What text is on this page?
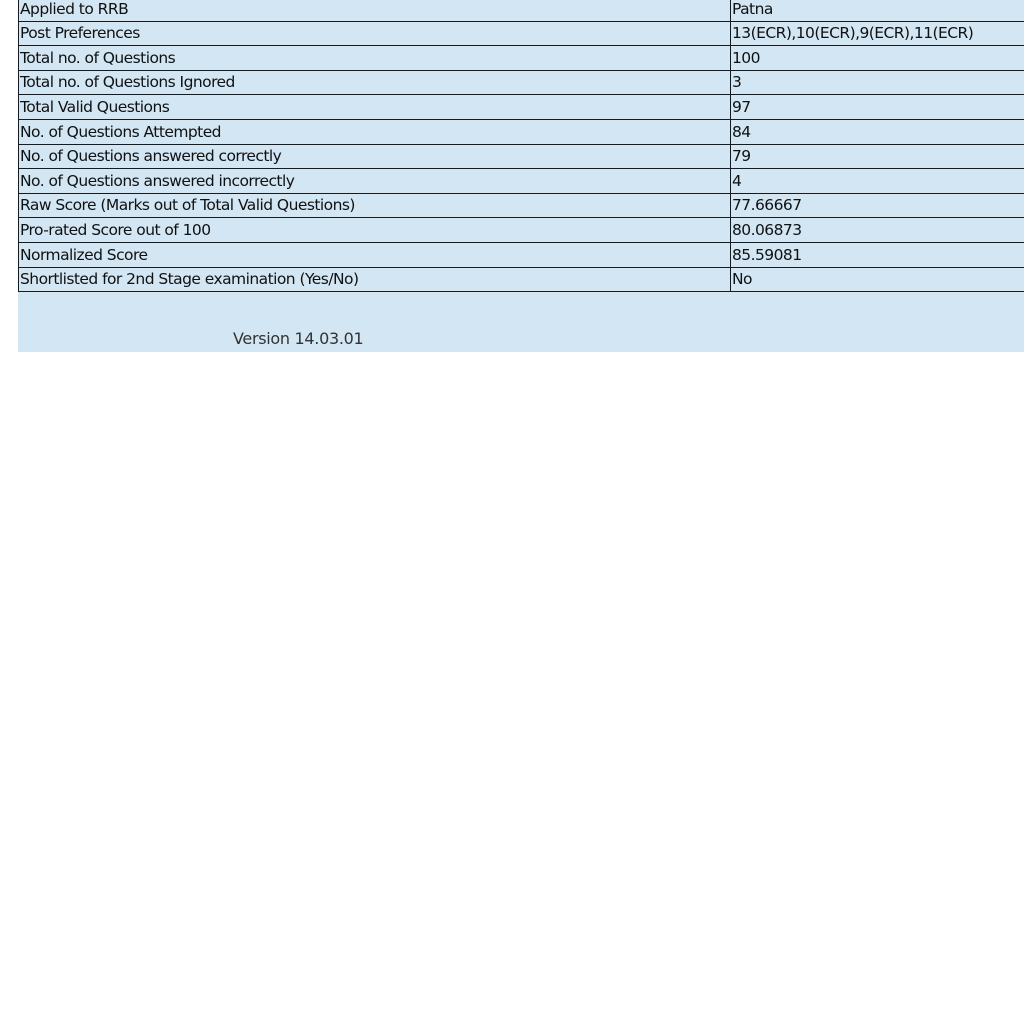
Applied to RRB	Patna
Post Preferences	13(ECR),10(ECR),9(ECR),11(ECR)
Total no. of Questions	100
Total no. of Questions Ignored	3
Total Valid Questions	97
No. of Questions Attempted	84
No. of Questions answered correctly	79
No. of Questions answered incorrectly	4
Raw Score (Marks out of Total Valid Questions)	77.66667
Pro-rated Score out of 100	80.06873
Normalized Score	85.59081
Shortlisted for 2nd Stage examination (Yes/No)	No
Version 14.03.01
